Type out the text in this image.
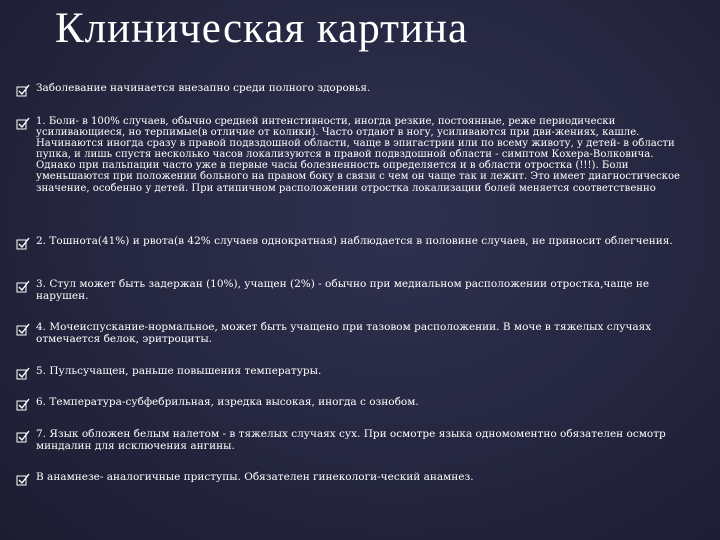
Клиническая картина
Заболевание начинается внезапно среди полного здоровья.
1. Боли- в 100% случаев, обычно средней интенстивности, иногда резкие, постоянные, реже периодически усиливающиеся, но терпимые(в отличие от колики). Часто отдают в ногу, усиливаются при дви-жениях, кашле. Начинаются иногда сразу в правой подвздошной области, чаще в эпигастрии или по всему животу, у детей- в области пупка, и лишь спустя несколько часов локализуются в правой подвздошной области - симптом Кохера-Волковича. Однако при пальпации часто уже в первые часы болезненность определяется и в области отростка (!!!). Боли уменьшаются при положении больного на правом боку в связи с чем он чаще так и лежит. Это имеет диагностическое значение, особенно у детей. При атипичном расположении отростка локализации болей меняется соответственно
2. Тошнота(41%) и рвота(в 42% случаев однократная) наблюдается в половине случаев, не приносит облегчения.
3. Стул может быть задержан (10%), учащен (2%) - обычно при медиальном расположении отростка,чаще не нарушен.
4. Мочеиспускание-нормальное, может быть учащено при тазовом расположении. В моче в тяжелых случаях отмечается белок, эритроциты.
5. Пульсучащен, раньше повышения температуры.
6. Температура-субфебрильная, изредка высокая, иногда с ознобом.
7. Язык обложен белым налетом - в тяжелых случаях сух. При осмотре языка одномоментно обязателен осмотр миндалин для исключения ангины.
В анамнезе- аналогичные приступы. Обязателен гинекологи-ческий анамнез.
